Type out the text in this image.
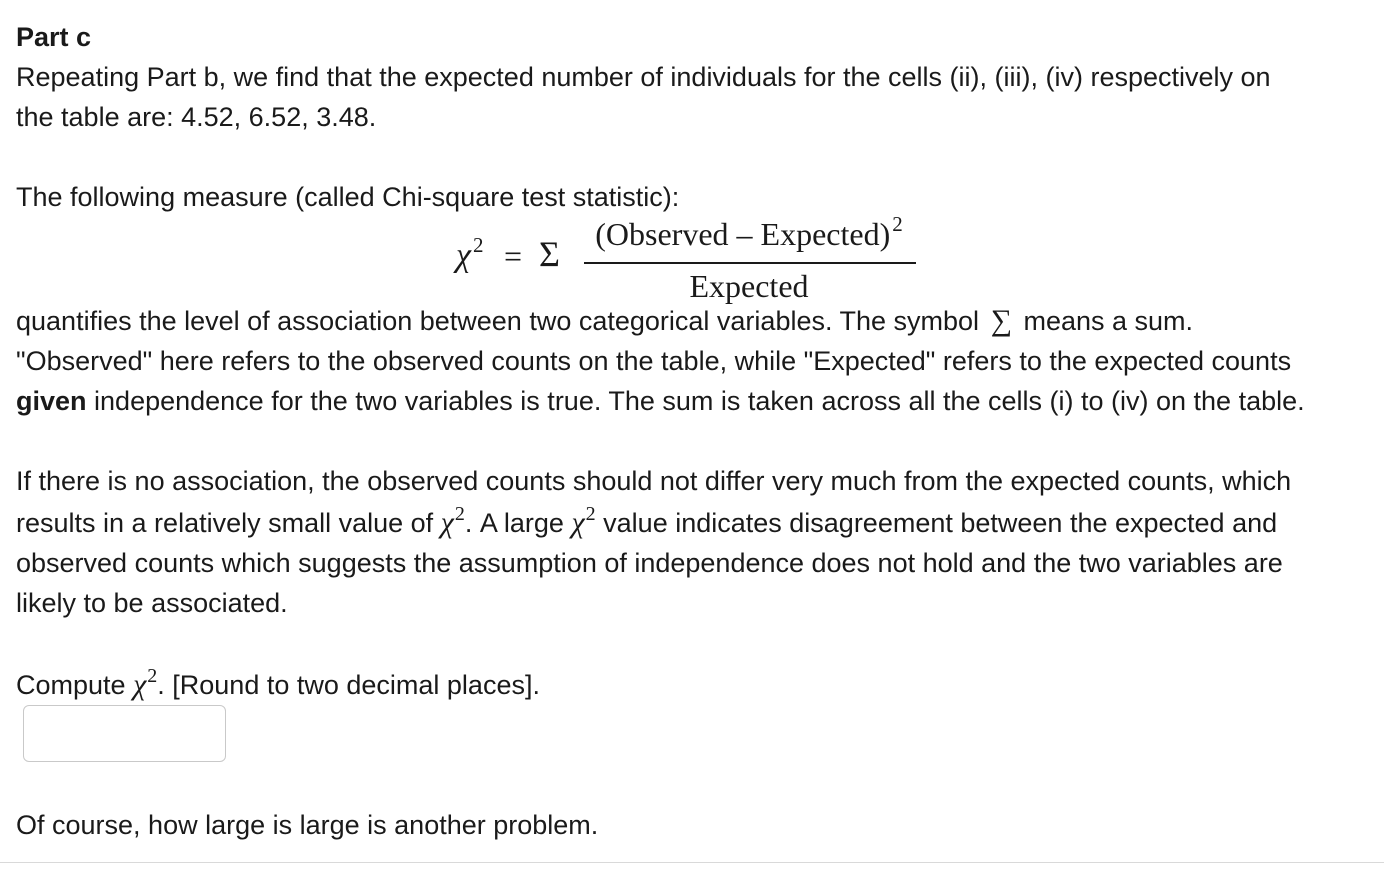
Part c
Repeating Part b, we find that the expected number of individuals for the cells (ii), (iii), (iv) respectively on
the table are: 4.52, 6.52, 3.48.
The following measure (called Chi-square test statistic):
$\chi^2 = \Sigma$	(Observed – Expected)$^2$
Expected
quantifies the level of association between two categorical variables. The symbol ∑ means a sum.
"Observed" here refers to the observed counts on the table, while "Expected" refers to the expected counts
given independence for the two variables is true. The sum is taken across all the cells (i) to (iv) on the table.
If there is no association, the observed counts should not differ very much from the expected counts, which
results in a relatively small value of $\chi^2$. A large $\chi^2$ value indicates disagreement between the expected and
observed counts which suggests the assumption of independence does not hold and the two variables are
likely to be associated.
Compute $\chi^2$. [Round to two decimal places].
Of course, how large is large is another problem.
